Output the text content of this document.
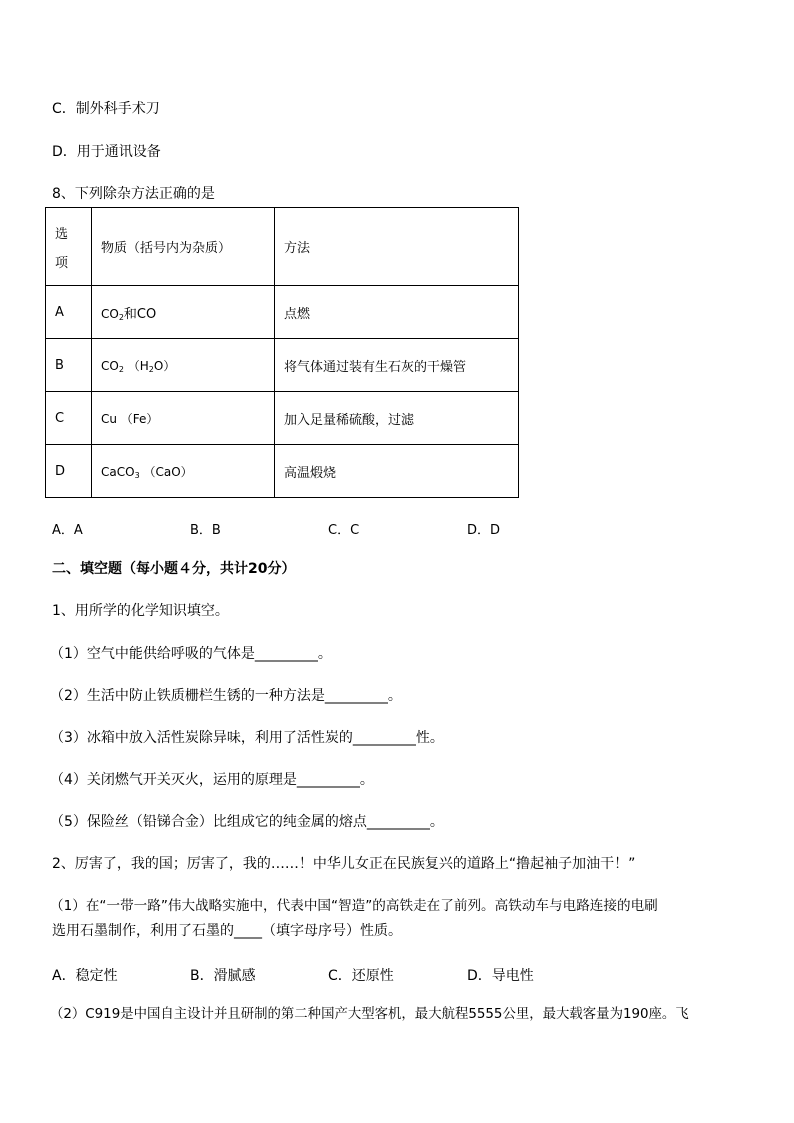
C．制外科手术刀
D．用于通讯设备
8、下列除杂方法正确的是
选
项	物质（括号内为杂质）	方法
A	$CO_2$和CO	点燃
B	$CO_2$ $(H_2O)$	将气体通过装有生石灰的干燥管
C	Cu （Fe）	加入足量稀硫酸，过滤
D	CaCO$_3$ （CaO）	高温煅烧
A．A	B．B	C．C	D．D
二、填空题（每小题４分，共计20分）
1、用所学的化学知识填空。
（1）空气中能供给呼吸的气体是_________。
（2）生活中防止铁质栅栏生锈的一种方法是_________。
（3）冰箱中放入活性炭除异味，利用了活性炭的_________性。
（4）关闭燃气开关灭火，运用的原理是_________。
（5）保险丝（铅锑合金）比组成它的纯金属的熔点_________。
2、厉害了，我的国；厉害了，我的……！中华儿女正在民族复兴的道路上“撸起袖子加油干！”
（1）在“一带一路”伟大战略实施中，代表中国“智造”的高铁走在了前列。高铁动车与电路连接的电刷
选用石墨制作，利用了石墨的____（填字母序号）性质。
A．稳定性	B．滑腻感	C．还原性	D．导电性
（2）C919是中国自主设计并且研制的第二种国产大型客机，最大航程5555公里，最大载客量为190座。飞
